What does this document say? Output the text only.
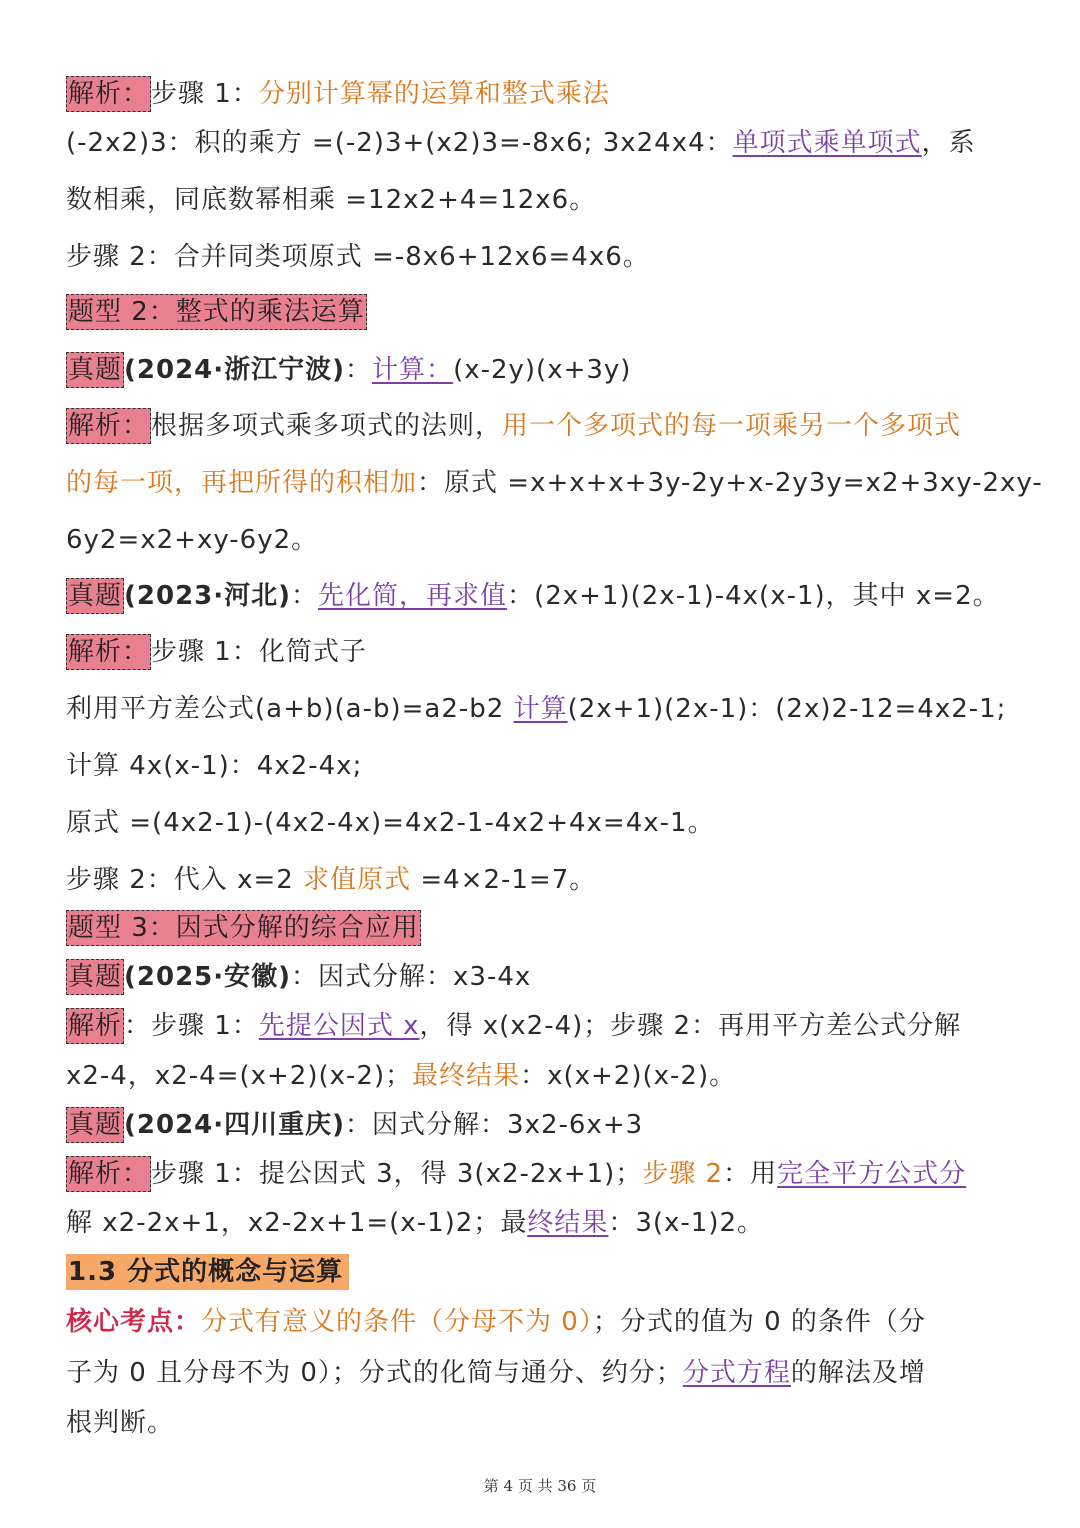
解析：步骤 1：分别计算幂的运算和整式乘法
(-2x2)3：积的乘方 =(-2)3+(x2)3=-8x6; 3x24x4：单项式乘单项式，系
数相乘，同底数幂相乘 =12x2+4=12x6。
步骤 2：合并同类项原式 =-8x6+12x6=4x6。
题型 2：整式的乘法运算
真题(2024·浙江宁波)：计算：(x-2y)(x+3y)
解析：根据多项式乘多项式的法则，用一个多项式的每一项乘另一个多项式
的每一项，再把所得的积相加：原式 =x+x+x+3y-2y+x-2y3y=x2+3xy-2xy-
6y2=x2+xy-6y2。
真题(2023·河北)：先化简，再求值：(2x+1)(2x-1)-4x(x-1)，其中 x=2。
解析：步骤 1：化简式子
利用平方差公式(a+b)(a-b)=a2-b2 计算(2x+1)(2x-1)：(2x)2-12=4x2-1;
计算 4x(x-1)：4x2-4x;
原式 =(4x2-1)-(4x2-4x)=4x2-1-4x2+4x=4x-1。
步骤 2：代入 x=2 求值原式 =4×2-1=7。
题型 3：因式分解的综合应用
真题(2025·安徽)：因式分解：x3-4x
解析：步骤 1：先提公因式 x，得 x(x2-4)；步骤 2：再用平方差公式分解
x2-4，x2-4=(x+2)(x-2)；最终结果：x(x+2)(x-2)。
真题(2024·四川重庆)：因式分解：3x2-6x+3
解析：步骤 1：提公因式 3，得 3(x2-2x+1)；步骤 2：用完全平方公式分
解 x2-2x+1，x2-2x+1=(x-1)2；最终结果：3(x-1)2。
1.3 分式的概念与运算
核心考点：分式有意义的条件（分母不为 0）；分式的值为 0 的条件（分
子为 0 且分母不为 0）；分式的化简与通分、约分；分式方程的解法及增
根判断。
第 4 页 共 36 页
